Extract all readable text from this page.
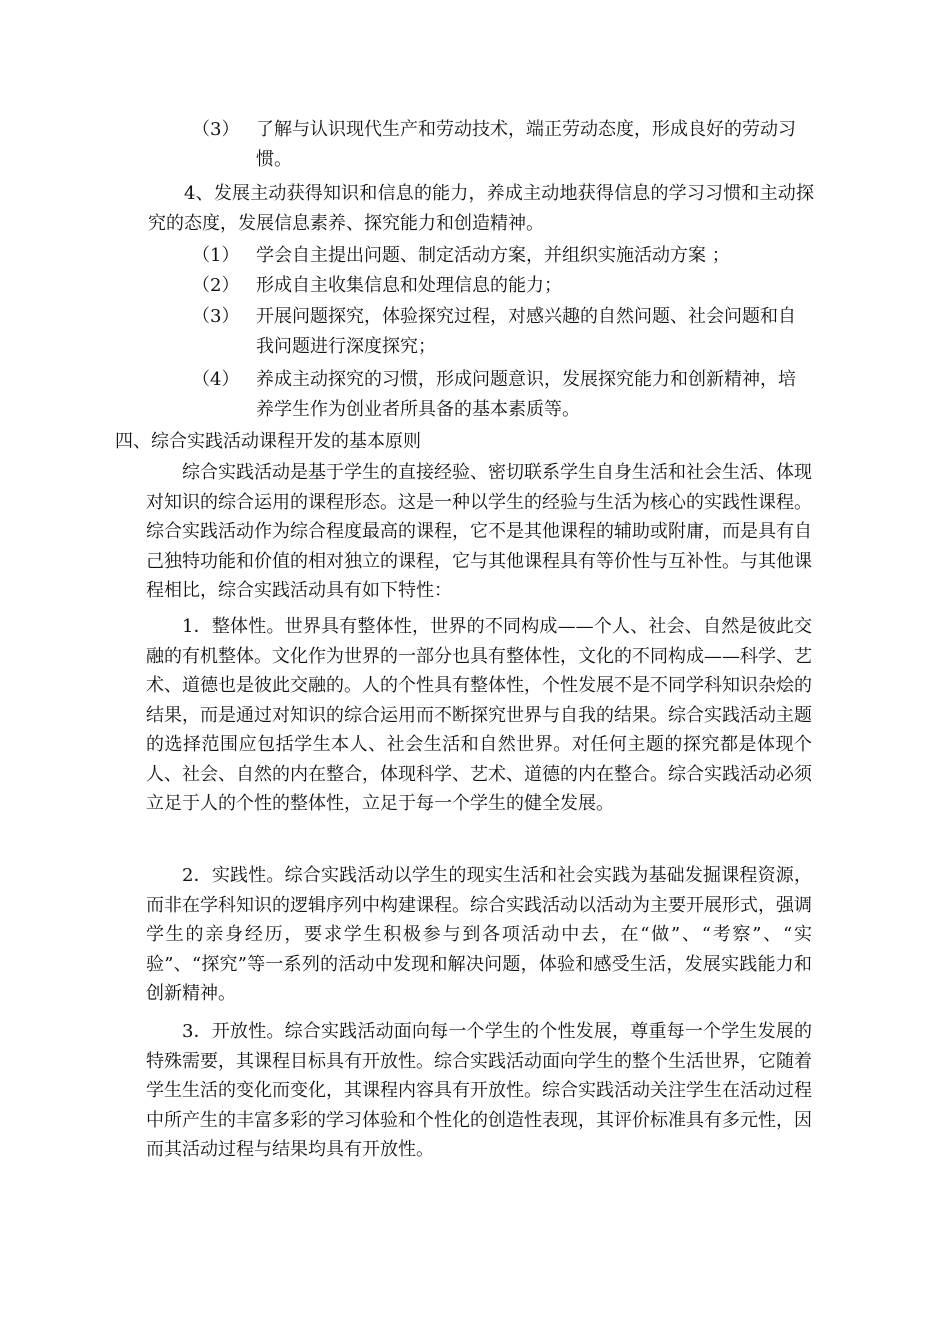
（3） 了解与认识现代生产和劳动技术，端正劳动态度，形成良好的劳动习惯。

4、发展主动获得知识和信息的能力，养成主动地获得信息的学习习惯和主动探究的态度，发展信息素养、探究能力和创造精神。

（1） 学会自主提出问题、制定活动方案，并组织实施活动方案 ；

（2） 形成自主收集信息和处理信息的能力；

（3） 开展问题探究，体验探究过程，对感兴趣的自然问题、社会问题和自我问题进行深度探究；

（4） 养成主动探究的习惯，形成问题意识，发展探究能力和创新精神，培养学生作为创业者所具备的基本素质等。

四、综合实践活动课程开发的基本原则

综合实践活动是基于学生的直接经验、密切联系学生自身生活和社会生活、体现对知识的综合运用的课程形态。这是一种以学生的经验与生活为核心的实践性课程。综合实践活动作为综合程度最高的课程，它不是其他课程的辅助或附庸，而是具有自己独特功能和价值的相对独立的课程，它与其他课程具有等价性与互补性。与其他课程相比，综合实践活动具有如下特性：

1．整体性。世界具有整体性，世界的不同构成——个人、社会、自然是彼此交融的有机整体。文化作为世界的一部分也具有整体性，文化的不同构成——科学、艺术、道德也是彼此交融的。人的个性具有整体性，个性发展不是不同学科知识杂烩的结果，而是通过对知识的综合运用而不断探究世界与自我的结果。综合实践活动主题的选择范围应包括学生本人、社会生活和自然世界。对任何主题的探究都是体现个人、社会、自然的内在整合，体现科学、艺术、道德的内在整合。综合实践活动必须立足于人的个性的整体性，立足于每一个学生的健全发展。

2．实践性。综合实践活动以学生的现实生活和社会实践为基础发掘课程资源，而非在学科知识的逻辑序列中构建课程。综合实践活动以活动为主要开展形式，强调学生的亲身经历，要求学生积极参与到各项活动中去，在“做”、“考察”、“实验”、“探究”等一系列的活动中发现和解决问题，体验和感受生活，发展实践能力和创新精神。

3．开放性。综合实践活动面向每一个学生的个性发展，尊重每一个学生发展的特殊需要，其课程目标具有开放性。综合实践活动面向学生的整个生活世界，它随着学生生活的变化而变化，其课程内容具有开放性。综合实践活动关注学生在活动过程中所产生的丰富多彩的学习体验和个性化的创造性表现，其评价标准具有多元性，因而其活动过程与结果均具有开放性。
